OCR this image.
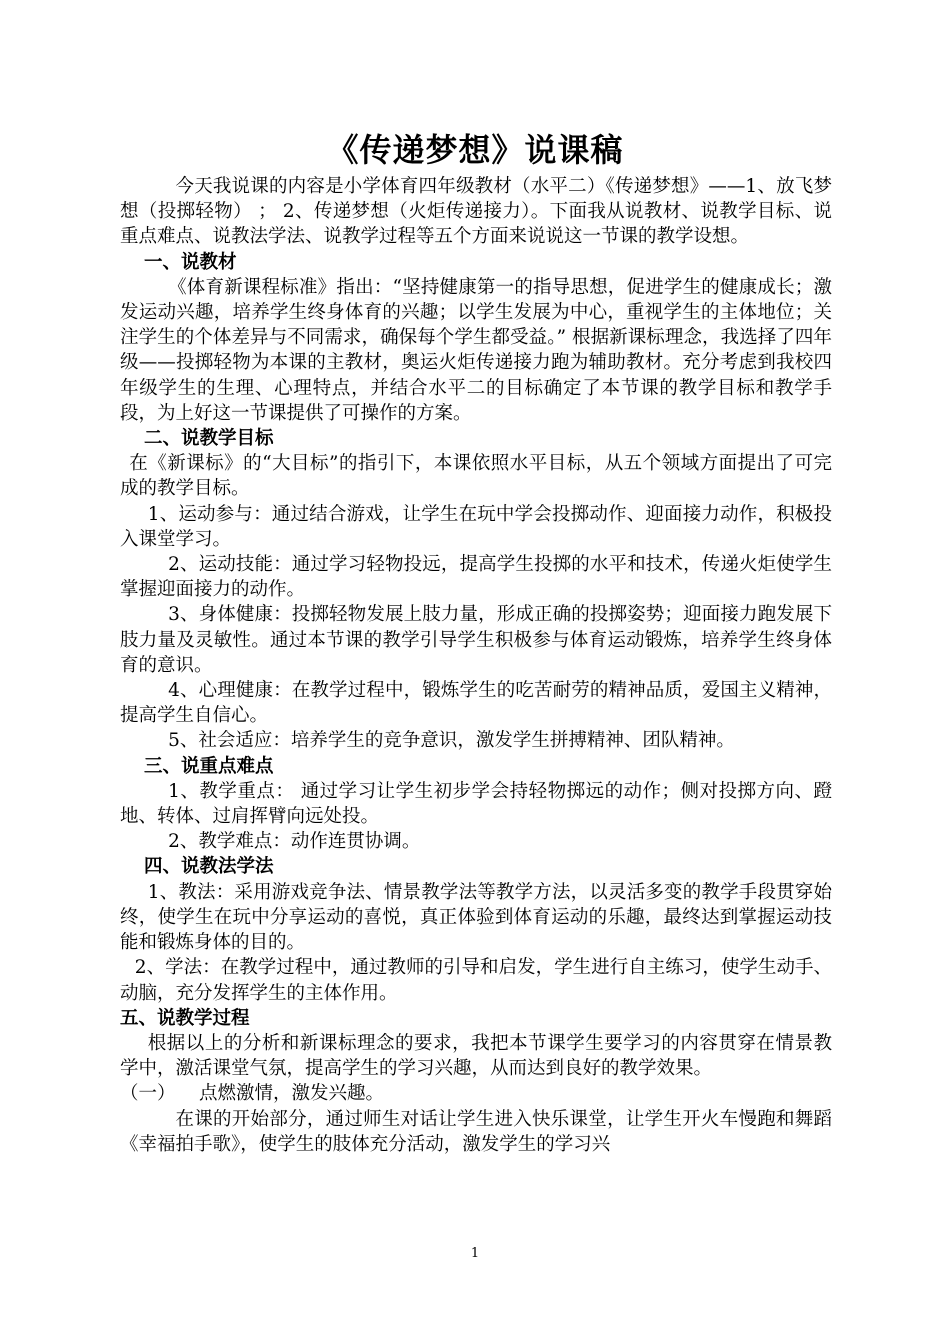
《传递梦想》说课稿

今天我说课的内容是小学体育四年级教材（水平二）《传递梦想》——1、放飞梦想（投掷轻物） ； 2、传递梦想（火炬传递接力）。下面我从说教材、说教学目标、说重点难点、说教法学法、说教学过程等五个方面来说说这一节课的教学设想。

一、说教材

《体育新课程标准》指出：“坚持健康第一的指导思想，促进学生的健康成长；激发运动兴趣，培养学生终身体育的兴趣；以学生发展为中心，重视学生的主体地位；关注学生的个体差异与不同需求，确保每个学生都受益。” 根据新课标理念，我选择了四年级——投掷轻物为本课的主教材，奥运火炬传递接力跑为辅助教材。充分考虑到我校四年级学生的生理、心理特点，并结合水平二的目标确定了本节课的教学目标和教学手段，为上好这一节课提供了可操作的方案。

二、说教学目标

在《新课标》的“大目标”的指引下，本课依照水平目标，从五个领域方面提出了可完成的教学目标。

1、运动参与：通过结合游戏，让学生在玩中学会投掷动作、迎面接力动作，积极投入课堂学习。

2、运动技能：通过学习轻物投远，提高学生投掷的水平和技术，传递火炬使学生掌握迎面接力的动作。

3、身体健康：投掷轻物发展上肢力量，形成正确的投掷姿势；迎面接力跑发展下肢力量及灵敏性。通过本节课的教学引导学生积极参与体育运动锻炼，培养学生终身体育的意识。

4、心理健康：在教学过程中，锻炼学生的吃苦耐劳的精神品质，爱国主义精神，提高学生自信心。

5、社会适应：培养学生的竞争意识，激发学生拼搏精神、团队精神。

三、说重点难点

1、教学重点： 通过学习让学生初步学会持轻物掷远的动作；侧对投掷方向、蹬地、转体、过肩挥臂向远处投。

2、教学难点：动作连贯协调。

四、说教法学法

1、教法：采用游戏竞争法、情景教学法等教学方法，以灵活多变的教学手段贯穿始终，使学生在玩中分享运动的喜悦，真正体验到体育运动的乐趣，最终达到掌握运动技能和锻炼身体的目的。

2、学法：在教学过程中，通过教师的引导和启发，学生进行自主练习，使学生动手、动脑，充分发挥学生的主体作用。

五、说教学过程

根据以上的分析和新课标理念的要求，我把本节课学生要学习的内容贯穿在情景教学中，激活课堂气氛，提高学生的学习兴趣，从而达到良好的教学效果。

（一）    点燃激情，激发兴趣。

在课的开始部分，通过师生对话让学生进入快乐课堂，让学生开火车慢跑和舞蹈《幸福拍手歌》，使学生的肢体充分活动，激发学生的学习兴

1
